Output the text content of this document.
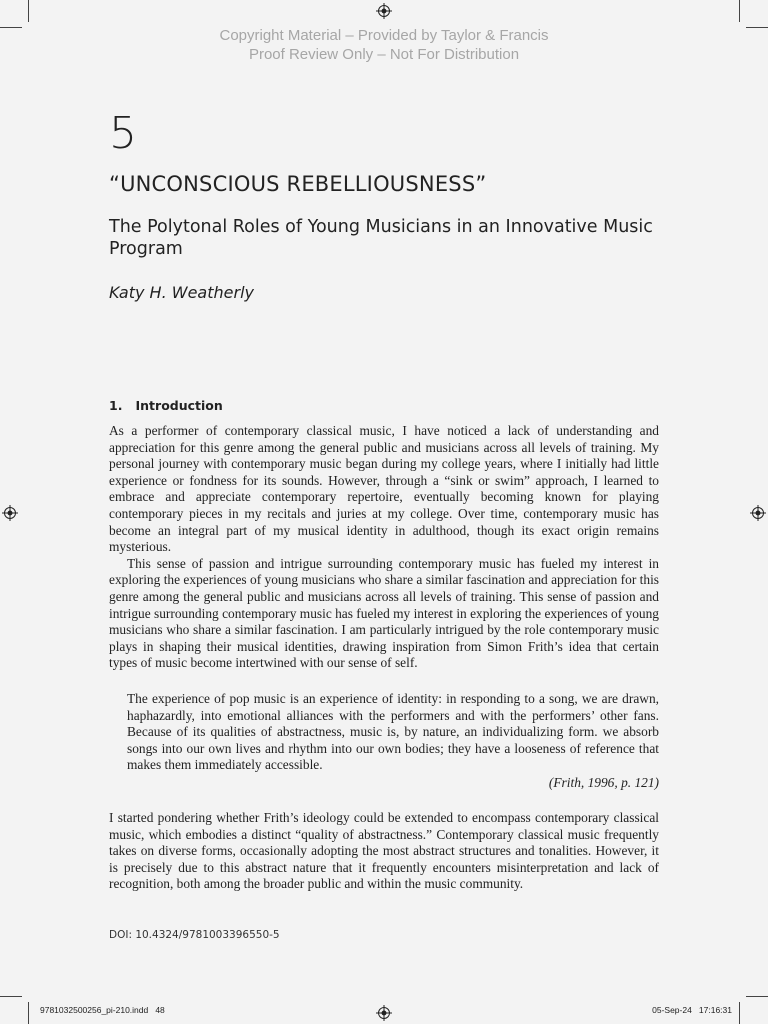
Copyright Material – Provided by Taylor & Francis
Proof Review Only – Not For Distribution
5
“UNCONSCIOUS REBELLIOUSNESS”
The Polytonal Roles of Young Musicians in an Innovative Music Program
Katy H. Weatherly
1.   Introduction

As a performer of contemporary classical music, I have noticed a lack of understanding and appreciation for this genre among the general public and musicians across all levels of training. My personal journey with contemporary music began during my college years, where I initially had little experience or fondness for its sounds. However, through a “sink or swim” approach, I learned to embrace and appreciate contemporary repertoire, eventually becoming known for playing contemporary pieces in my recitals and juries at my college. Over time, contemporary music has become an integral part of my musical identity in adulthood, though its exact origin remains mysterious.

This sense of passion and intrigue surrounding contemporary music has fueled my interest in exploring the experiences of young musicians who share a similar fascination and appreciation for this genre among the general public and musicians across all levels of training. This sense of passion and intrigue surrounding contemporary music has fueled my interest in exploring the experiences of young musicians who share a similar fascination. I am particularly intrigued by the role contemporary music plays in shaping their musical identities, drawing inspiration from Simon Frith’s idea that certain types of music become intertwined with our sense of self.

The experience of pop music is an experience of identity: in responding to a song, we are drawn, haphazardly, into emotional alliances with the performers and with the performers’ other fans. Because of its qualities of abstractness, music is, by nature, an individualizing form. we absorb songs into our own lives and rhythm into our own bodies; they have a looseness of reference that makes them immediately accessible.
(Frith, 1996, p. 121)
I started pondering whether Frith’s ideology could be extended to encompass contemporary classical music, which embodies a distinct “quality of abstractness.” Contemporary classical music frequently takes on diverse forms, occasionally adopting the most abstract structures and tonalities. However, it is precisely due to this abstract nature that it frequently encounters misinterpretation and lack of recognition, both among the broader public and within the music community.
DOI: 10.4324/9781003396550-5
9781032500256_pi-210.indd   48	05-Sep-24   17:16:31
